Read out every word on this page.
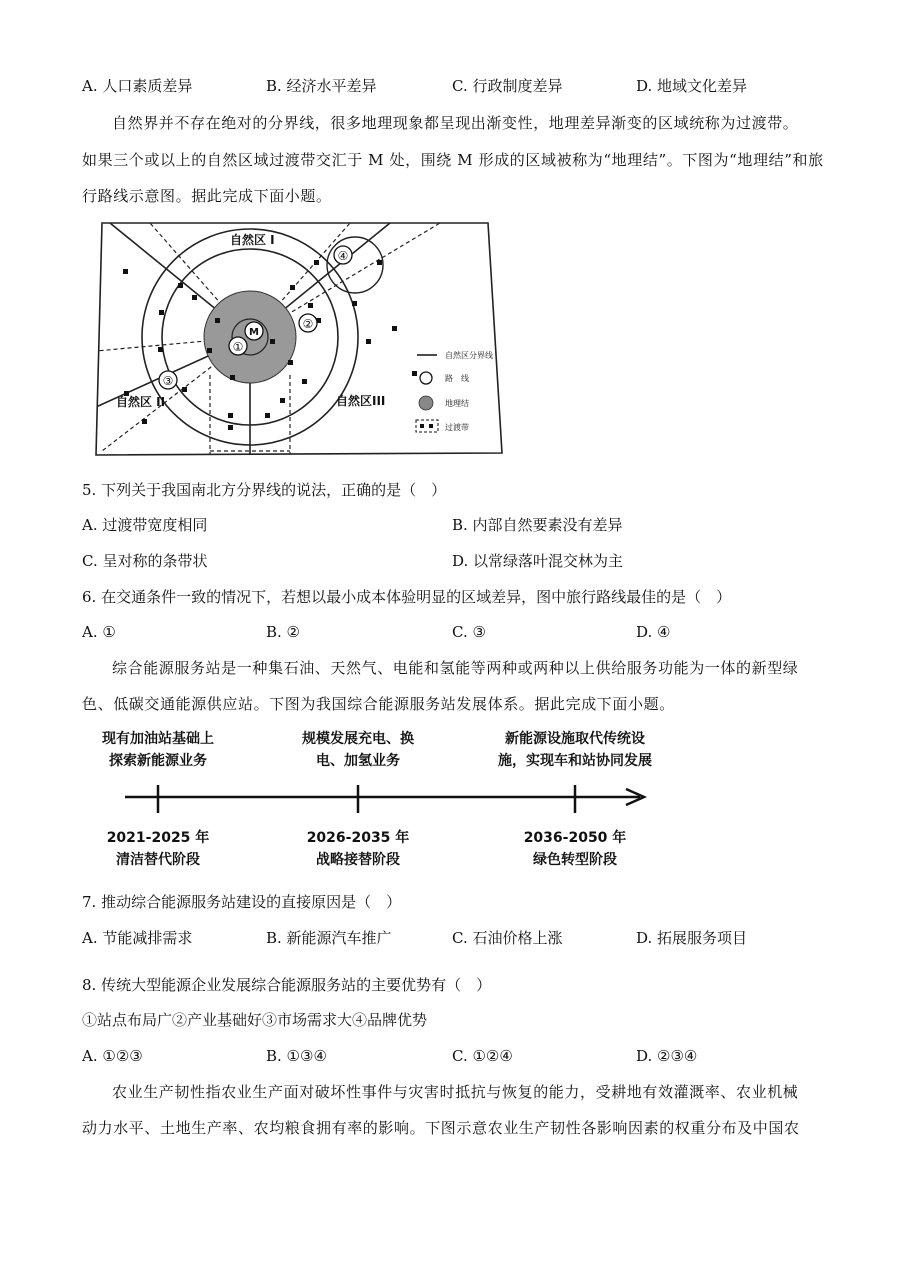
A. 人口素质差异	B. 经济水平差异	C. 行政制度差异	D. 地域文化差异
自然界并不存在绝对的分界线，很多地理现象都呈现出渐变性，地理差异渐变的区域统称为过渡带。
如果三个或以上的自然区域过渡带交汇于 M 处，围绕 M 形成的区域被称为“地理结”。下图为“地理结”和旅
行路线示意图。据此完成下面小题。
自然区 I
自然区 II	自然区III
M
①
②
③
④
自然区分界线
路　线
地理结
过渡带
5. 下列关于我国南北方分界线的说法，正确的是（　）
A. 过渡带宽度相同	B. 内部自然要素没有差异
C. 呈对称的条带状	D. 以常绿落叶混交林为主
6. 在交通条件一致的情况下，若想以最小成本体验明显的区域差异，图中旅行路线最佳的是（　）
A. ①	B. ②	C. ③	D. ④
综合能源服务站是一种集石油、天然气、电能和氢能等两种或两种以上供给服务功能为一体的新型绿
色、低碳交通能源供应站。下图为我国综合能源服务站发展体系。据此完成下面小题。
现有加油站基础上
探索新能源业务
规模发展充电、换
电、加氢业务
新能源设施取代传统设
施，实现车和站协同发展
2021-2025 年
清洁替代阶段
2026-2035 年
战略接替阶段
2036-2050 年
绿色转型阶段
7. 推动综合能源服务站建设的直接原因是（　）
A. 节能减排需求	B. 新能源汽车推广	C. 石油价格上涨	D. 拓展服务项目
8. 传统大型能源企业发展综合能源服务站的主要优势有（　）
①站点布局广②产业基础好③市场需求大④品牌优势
A. ①②③	B. ①③④	C. ①②④	D. ②③④
农业生产韧性指农业生产面对破坏性事件与灾害时抵抗与恢复的能力，受耕地有效灌溉率、农业机械
动力水平、土地生产率、农均粮食拥有率的影响。下图示意农业生产韧性各影响因素的权重分布及中国农
